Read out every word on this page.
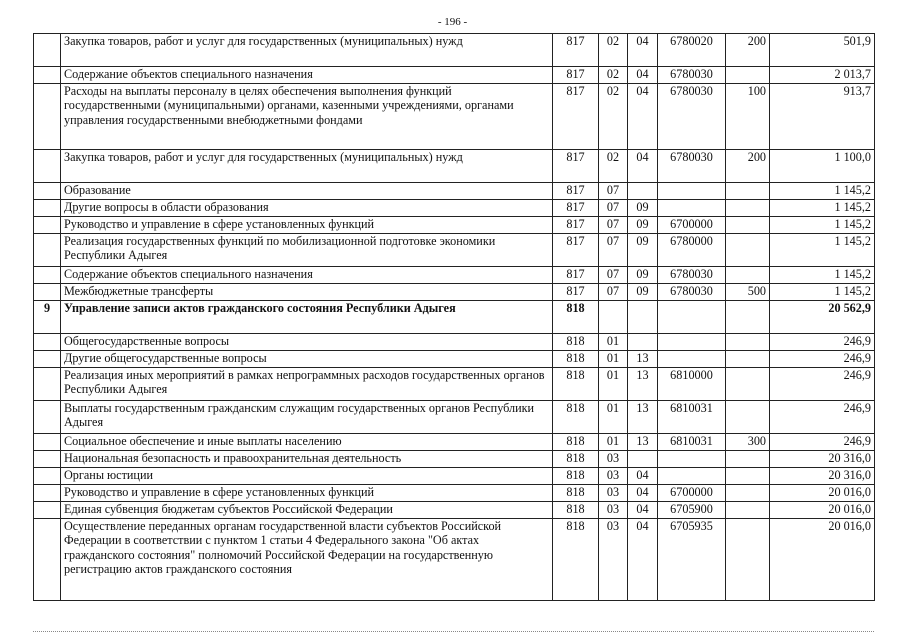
- 196 -
	Закупка товаров, работ и услуг для государственных (муниципальных) нужд	817	02	04	6780020	200	501,9
	Содержание объектов специального назначения	817	02	04	6780030		2 013,7
	Расходы на выплаты персоналу в целях обеспечения выполнения функций государственными (муниципальными) органами, казенными учреждениями, органами управления государственными внебюджетными фондами	817	02	04	6780030	100	913,7
	Закупка товаров, работ и услуг для государственных (муниципальных) нужд	817	02	04	6780030	200	1 100,0
	Образование	817	07				1 145,2
	Другие вопросы в области образования	817	07	09			1 145,2
	Руководство и управление в сфере установленных функций	817	07	09	6700000		1 145,2
	Реализация государственных функций по мобилизационной подготовке экономики Республики Адыгея	817	07	09	6780000		1 145,2
	Содержание объектов специального назначения	817	07	09	6780030		1 145,2
	Межбюджетные трансферты	817	07	09	6780030	500	1 145,2
9	Управление записи актов гражданского состояния Республики Адыгея	818					20 562,9
	Общегосударственные вопросы	818	01				246,9
	Другие общегосударственные вопросы	818	01	13			246,9
	Реализация иных мероприятий в рамках непрограммных расходов государственных органов Республики Адыгея	818	01	13	6810000		246,9
	Выплаты государственным гражданским служащим государственных органов Республики Адыгея	818	01	13	6810031		246,9
	Социальное обеспечение и иные выплаты населению	818	01	13	6810031	300	246,9
	Национальная безопасность и правоохранительная деятельность	818	03				20 316,0
	Органы юстиции	818	03	04			20 316,0
	Руководство и управление в сфере установленных функций	818	03	04	6700000		20 016,0
	Единая субвенция бюджетам субъектов Российской Федерации	818	03	04	6705900		20 016,0
	Осуществление переданных органам государственной власти субъектов Российской Федерации в соответствии с пунктом 1 статьи 4 Федерального закона "Об актах гражданского состояния" полномочий Российской Федерации на государственную регистрацию актов гражданского состояния	818	03	04	6705935		20 016,0
